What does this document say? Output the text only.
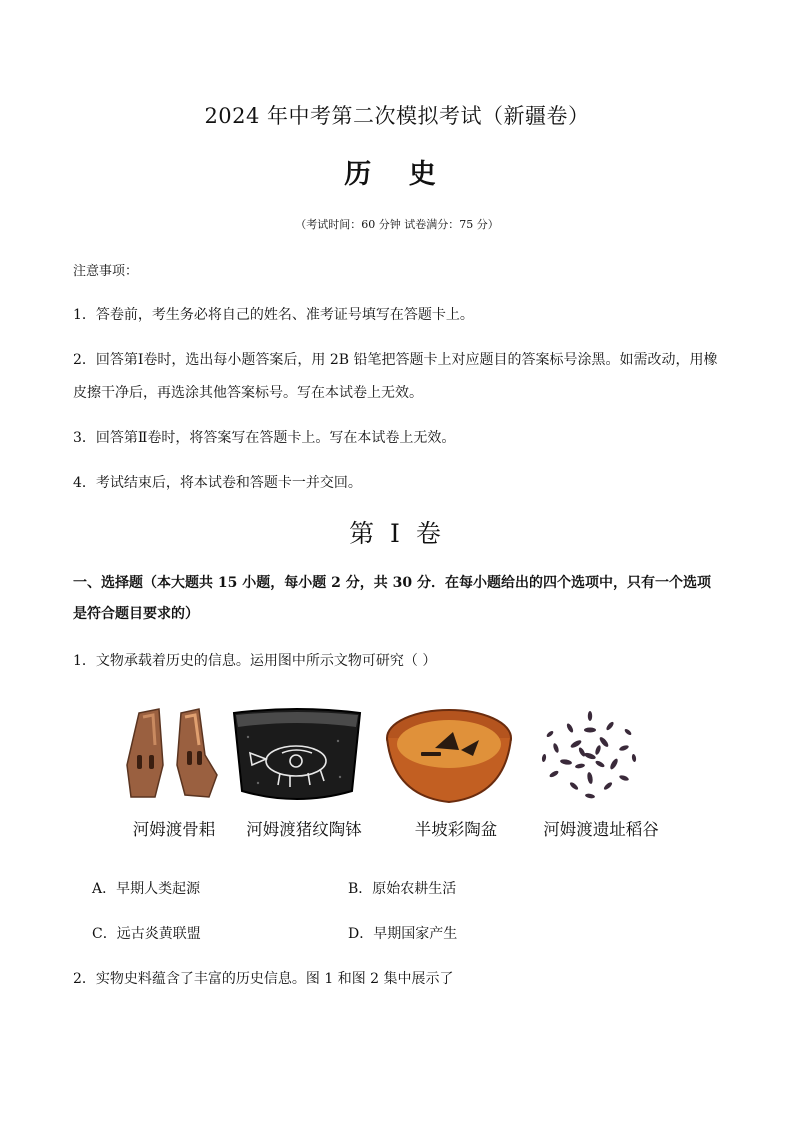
2024 年中考第二次模拟考试（新疆卷）
历 史
（考试时间：60 分钟 试卷满分：75 分）
注意事项：
1．答卷前，考生务必将自己的姓名、准考证号填写在答题卡上。
2．回答第Ⅰ卷时，选出每小题答案后，用 2B 铅笔把答题卡上对应题目的答案标号涂黑。如需改动，用橡
皮擦干净后，再选涂其他答案标号。写在本试卷上无效。
3．回答第Ⅱ卷时，将答案写在答题卡上。写在本试卷上无效。
4．考试结束后，将本试卷和答题卡一并交回。
第 I 卷
一、选择题（本大题共 15 小题，每小题 2 分，共 30 分．在每小题给出的四个选项中，只有一个选项
是符合题目要求的）
1．文物承载着历史的信息。运用图中所示文物可研究（ ）
河姆渡骨耜	河姆渡猪纹陶钵	半坡彩陶盆	河姆渡遗址稻谷
A．早期人类起源	B．原始农耕生活
C．远古炎黄联盟	D．早期国家产生
2．实物史料蕴含了丰富的历史信息。图 1 和图 2 集中展示了
